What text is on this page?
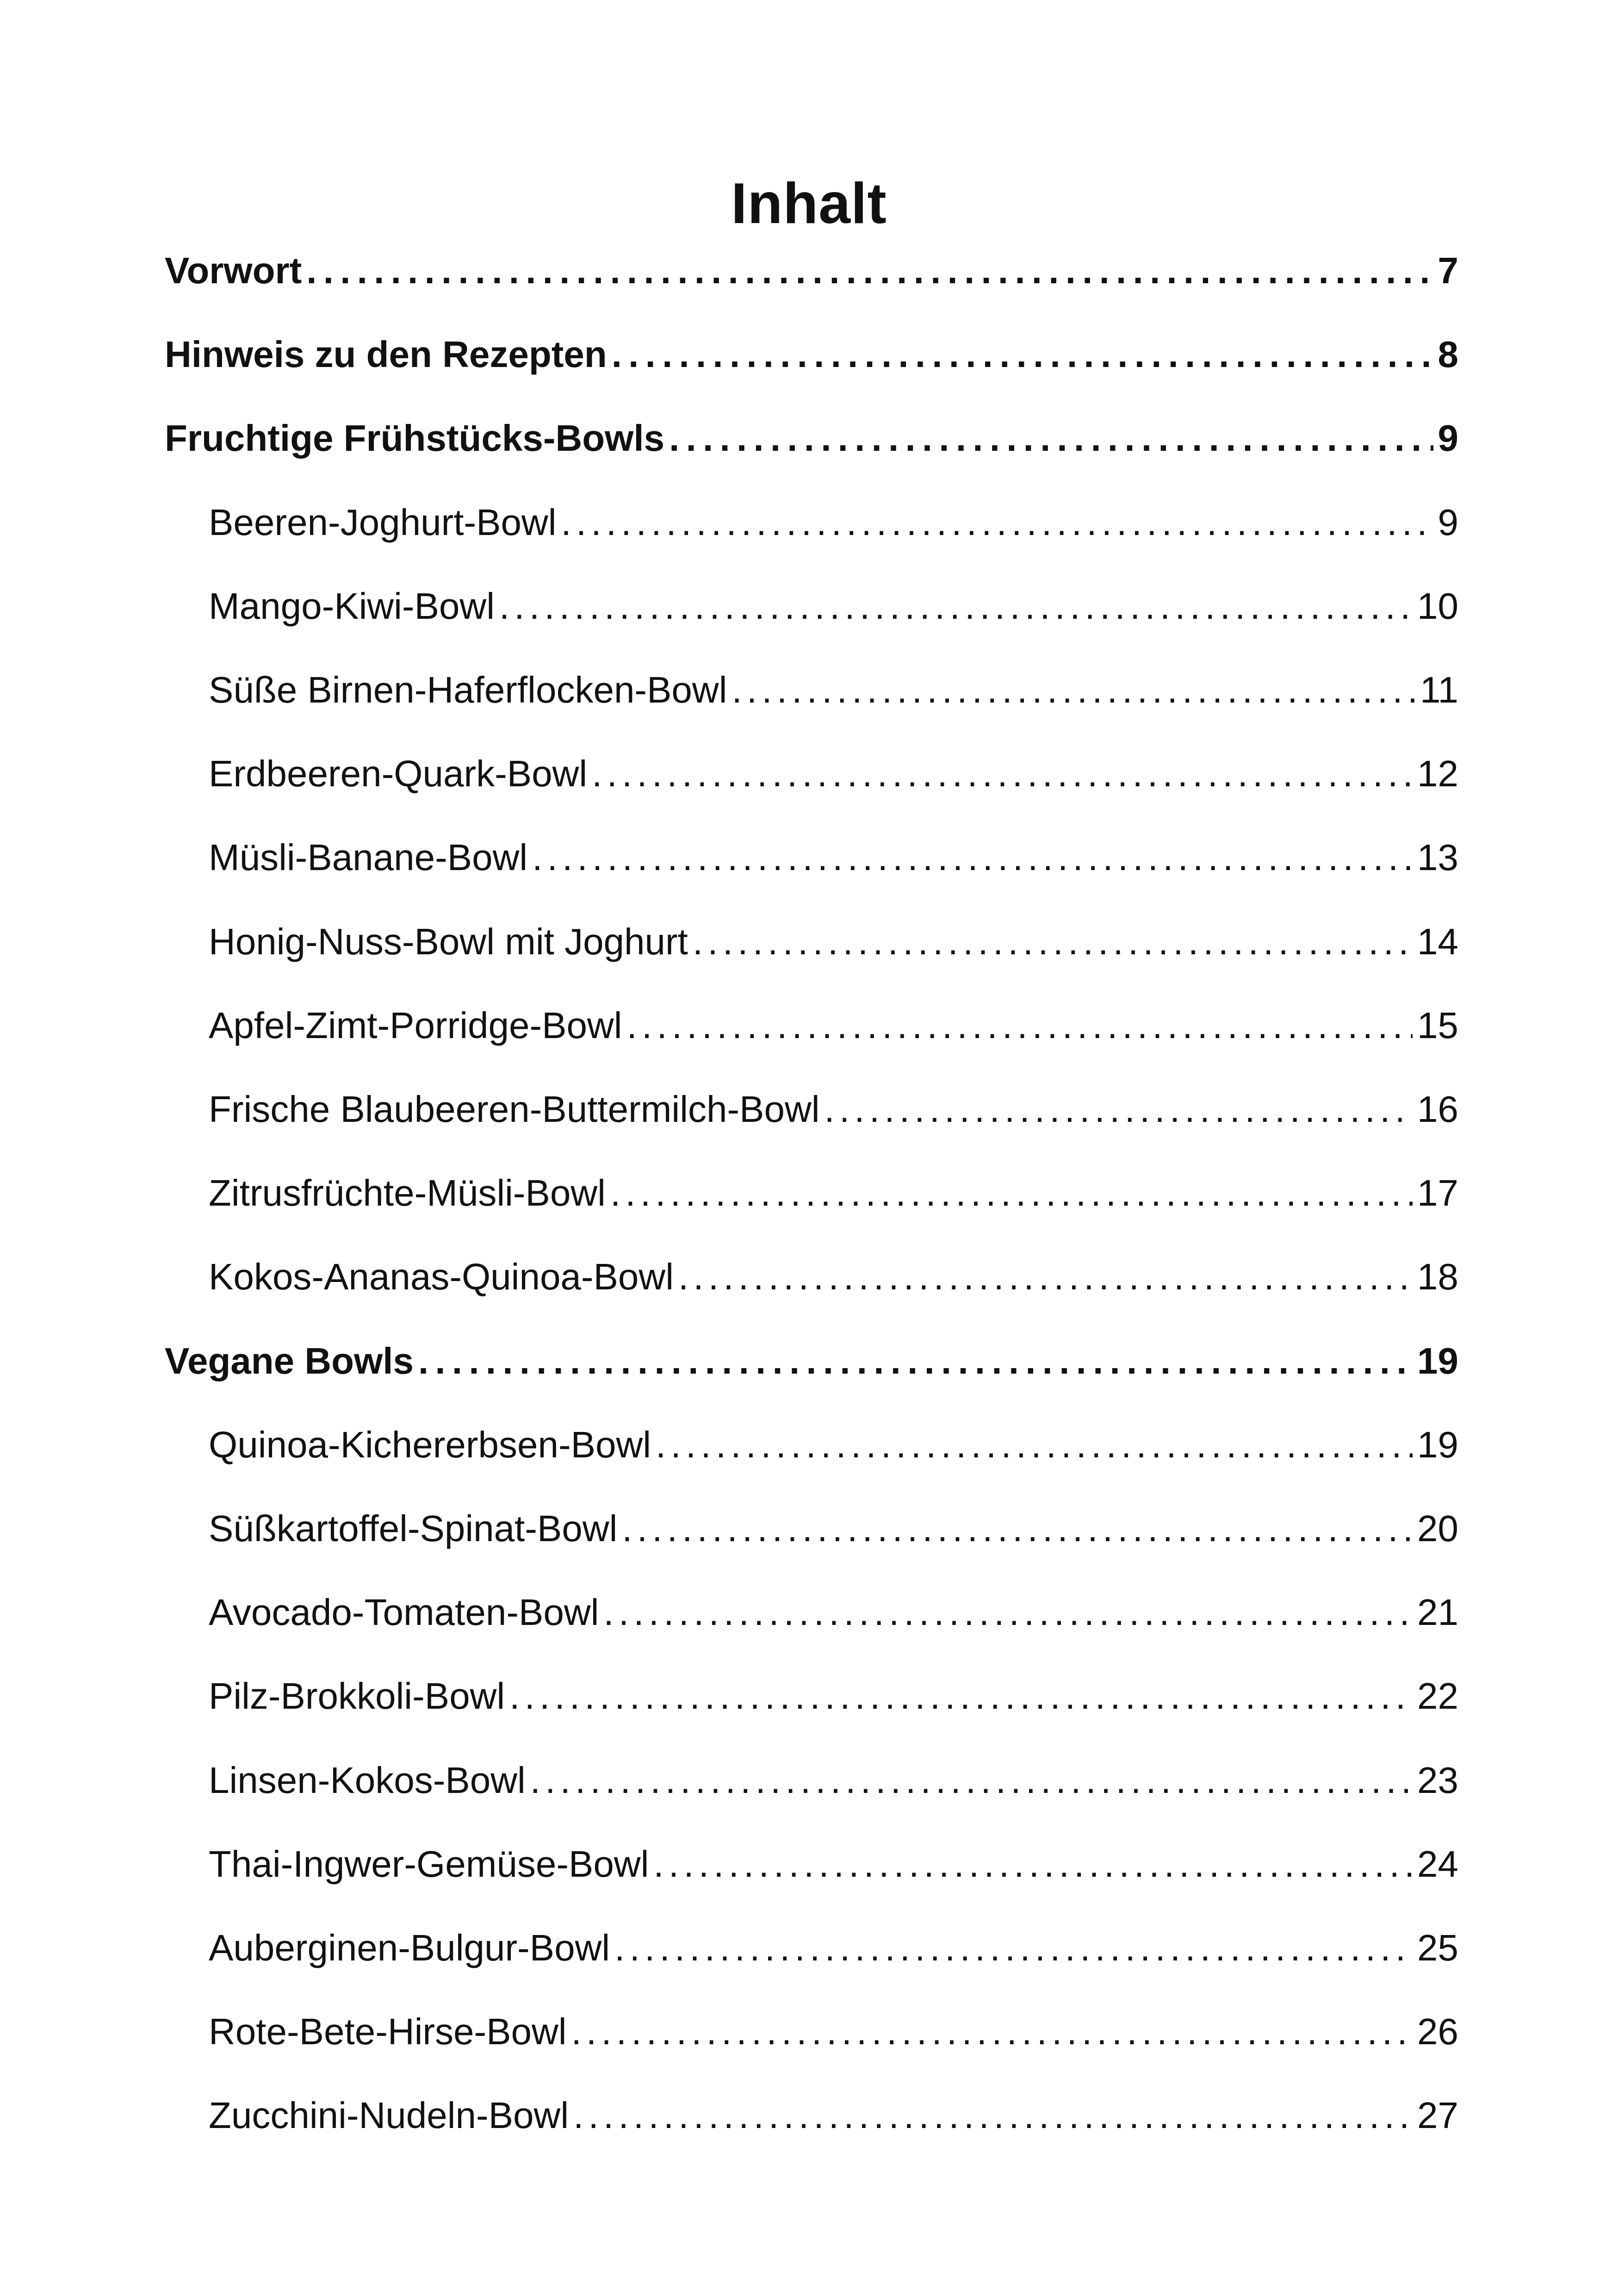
Inhalt
Vorwort . . .	7
Hinweis zu den Rezepten . . .	8
Fruchtige Frühstücks-Bowls . . .	9
Beeren-Joghurt-Bowl . . .	9
Mango-Kiwi-Bowl . . .	10
Süße Birnen-Haferflocken-Bowl . . .	11
Erdbeeren-Quark-Bowl . . .	12
Müsli-Banane-Bowl . . .	13
Honig-Nuss-Bowl mit Joghurt . . .	14
Apfel-Zimt-Porridge-Bowl . . .	15
Frische Blaubeeren-Buttermilch-Bowl . . .	16
Zitrusfrüchte-Müsli-Bowl . . .	17
Kokos-Ananas-Quinoa-Bowl . . .	18
Vegane Bowls . . .	19
Quinoa-Kichererbsen-Bowl . . .	19
Süßkartoffel-Spinat-Bowl . . .	20
Avocado-Tomaten-Bowl . . .	21
Pilz-Brokkoli-Bowl . . .	22
Linsen-Kokos-Bowl . . .	23
Thai-Ingwer-Gemüse-Bowl . . .	24
Auberginen-Bulgur-Bowl . . .	25
Rote-Bete-Hirse-Bowl . . .	26
Zucchini-Nudeln-Bowl . . .	27
